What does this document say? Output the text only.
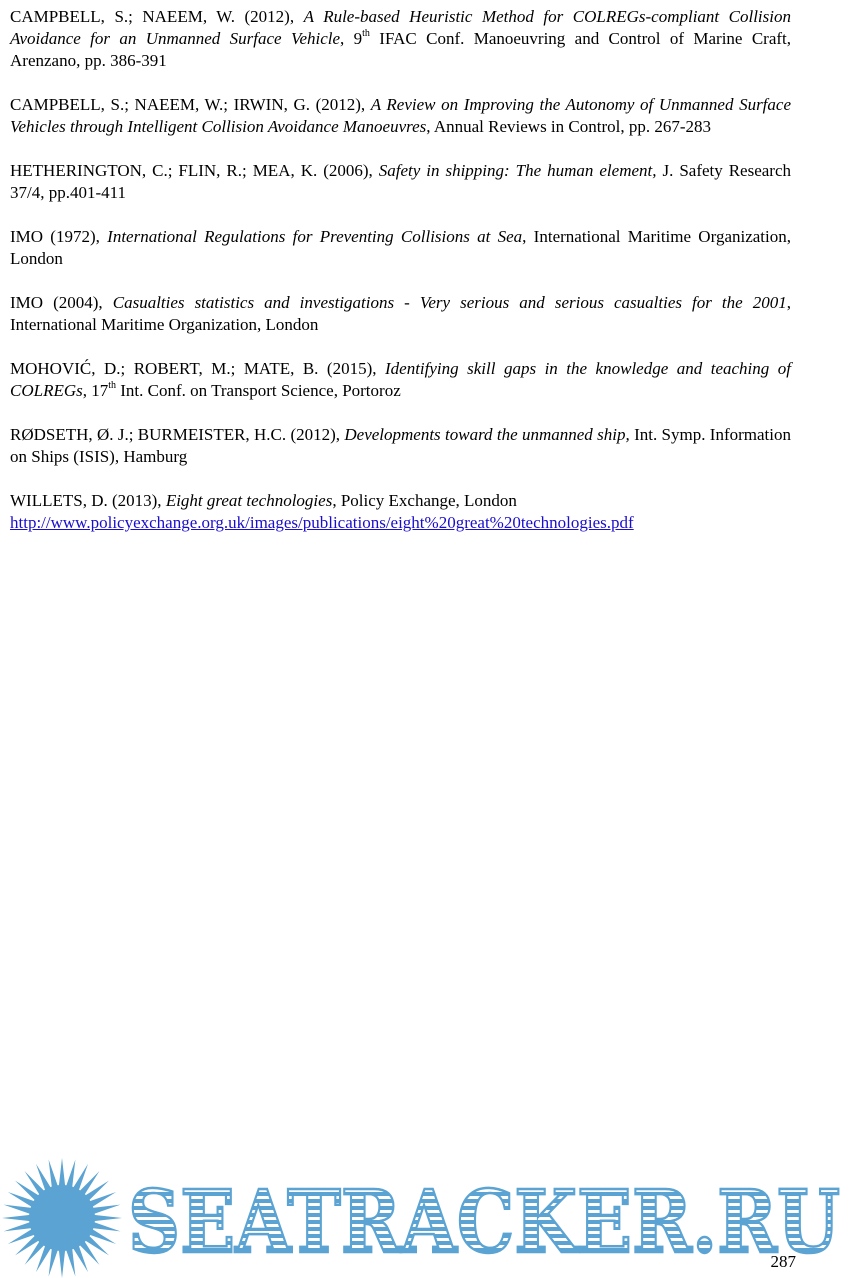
CAMPBELL, S.; NAEEM, W. (2012), A Rule-based Heuristic Method for COLREGs-compliant Collision Avoidance for an Unmanned Surface Vehicle, 9th IFAC Conf. Manoeuvring and Control of Marine Craft, Arenzano, pp. 386-391

CAMPBELL, S.; NAEEM, W.; IRWIN, G. (2012), A Review on Improving the Autonomy of Unmanned Surface Vehicles through Intelligent Collision Avoidance Manoeuvres, Annual Reviews in Control, pp. 267-283

HETHERINGTON, C.; FLIN, R.; MEA, K. (2006), Safety in shipping: The human element, J. Safety Research 37/4, pp.401-411

IMO (1972), International Regulations for Preventing Collisions at Sea, International Maritime Organization, London

IMO (2004), Casualties statistics and investigations - Very serious and serious casualties for the 2001, International Maritime Organization, London

MOHOVIĆ, D.; ROBERT, M.; MATE, B. (2015), Identifying skill gaps in the knowledge and teaching of COLREGs, 17th Int. Conf. on Transport Science, Portoroz

RØDSETH, Ø. J.; BURMEISTER, H.C. (2012), Developments toward the unmanned ship, Int. Symp. Information on Ships (ISIS), Hamburg

WILLETS, D. (2013), Eight great technologies, Policy Exchange, London
http://www.policyexchange.org.uk/images/publications/eight%20great%20technologies.pdf

SEATRACKER.RU
287
